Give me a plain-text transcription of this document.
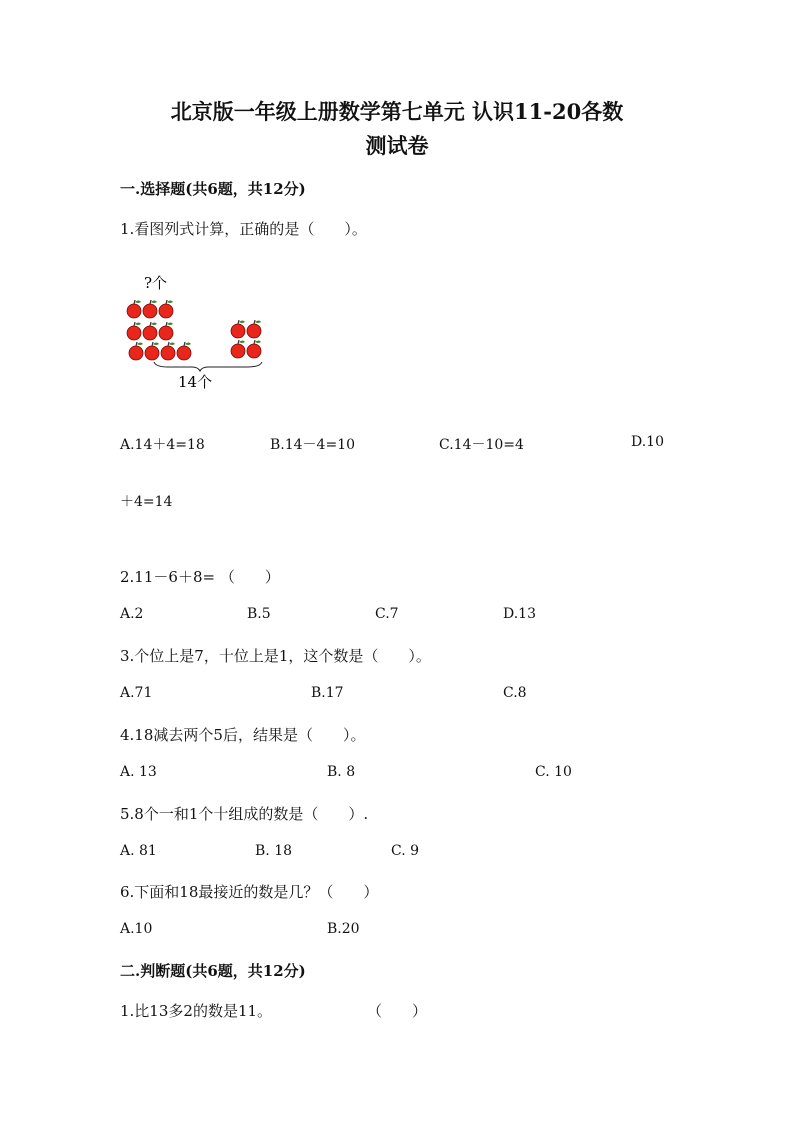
北京版一年级上册数学第七单元 认识11-20各数
测试卷
一.选择题(共6题，共12分)
1.看图列式计算，正确的是（　　）。
?个
14个
A.14＋4=18	B.14－4=10	C.14－10=4	D.10
＋4=14
2.11－6＋8= （　　）
A.2	B.5	C.7	D.13
3.个位上是7，十位上是1，这个数是（　　）。
A.71	B.17	C.8
4.18减去两个5后，结果是（　　）。
A. 13	B. 8	C. 10
5.8个一和1个十组成的数是（　　）.
A. 81	B. 18	C. 9
6.下面和18最接近的数是几？（　　）
A.10	B.20
二.判断题(共6题，共12分)
1.比13多2的数是11。	（　　）
